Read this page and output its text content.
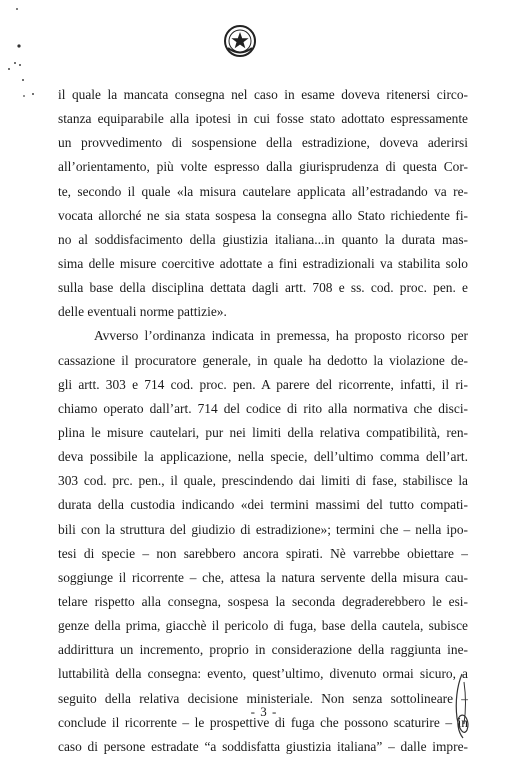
il quale la mancata consegna nel caso in esame doveva ritenersi circo-
stanza equiparabile alla ipotesi in cui fosse stato adottato espressamente
un provvedimento di sospensione della estradizione, doveva aderirsi
all’orientamento, più volte espresso dalla giurisprudenza di questa Cor-
te, secondo il quale «la misura cautelare applicata all’estradando va re-
vocata allorché ne sia stata sospesa la consegna allo Stato richiedente fi-
no al soddisfacimento della giustizia italiana...in quanto la durata mas-
sima delle misure coercitive adottate a fini estradizionali va stabilita solo
sulla base della disciplina dettata dagli artt. 708 e ss. cod. proc. pen. e
delle eventuali norme pattizie».
Avverso l’ordinanza indicata in premessa, ha proposto ricorso per
cassazione il procuratore generale, in quale ha dedotto la violazione de-
gli artt. 303 e 714 cod. proc. pen. A parere del ricorrente, infatti, il ri-
chiamo operato dall’art. 714 del codice di rito alla normativa che disci-
plina le misure cautelari, pur nei limiti della relativa compatibilità, ren-
deva possibile la applicazione, nella specie, dell’ultimo comma dell’art.
303 cod. prc. pen., il quale, prescindendo dai limiti di fase, stabilisce la
durata della custodia indicando «dei termini massimi del tutto compati-
bili con la struttura del giudizio di estradizione»; termini che – nella ipo-
tesi di specie – non sarebbero ancora spirati. Nè varrebbe obiettare –
soggiunge il ricorrente – che, attesa la natura servente della misura cau-
telare rispetto alla consegna, sospesa la seconda degraderebbero le esi-
genze della prima, giacchè il pericolo di fuga, base della cautela, subisce
addirittura un incremento, proprio in considerazione della raggiunta ine-
luttabilità della consegna: evento, quest’ultimo, divenuto ormai sicuro, a
seguito della relativa decisione ministeriale. Non senza sottolineare –
conclude il ricorrente – le prospettive di fuga che possono scaturire – in
caso di persone estradate “a soddisfatta giustizia italiana” – dalle impre-
- 3 -
